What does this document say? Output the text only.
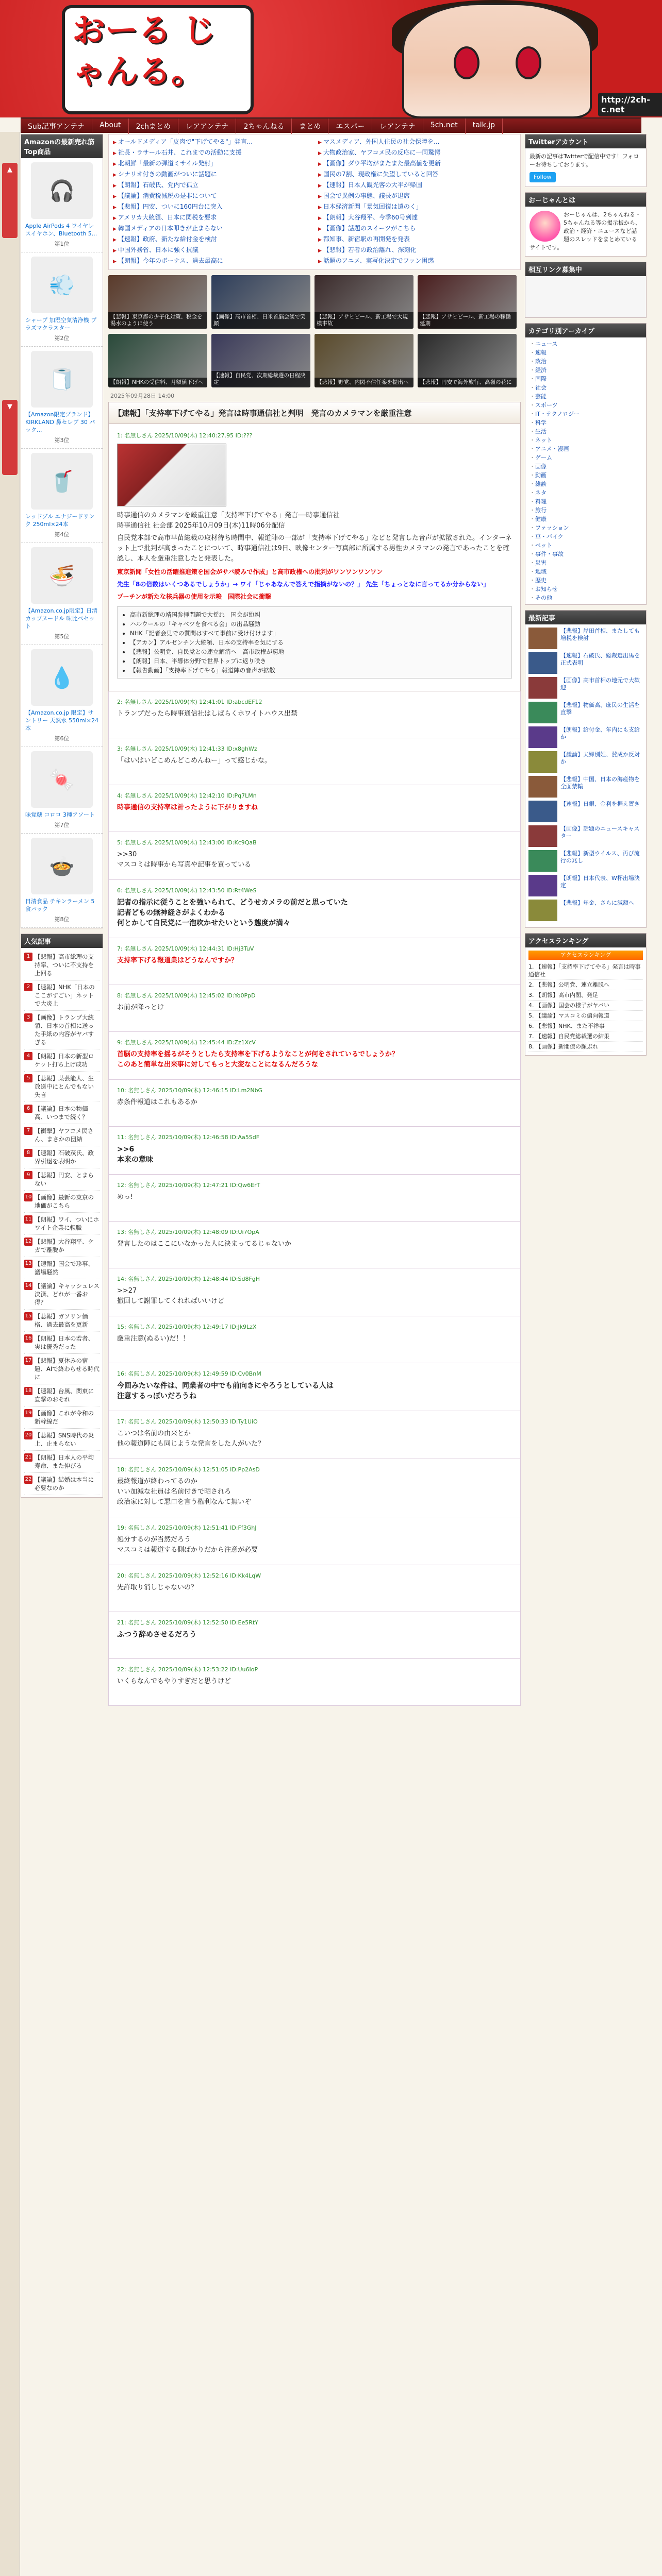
おーる じゃんる。
http://2ch-c.net
Sub記事アンテナ	About	2chまとめ	レアアンテナ	2ちゃんねる	まとめ	エスパー	レアンテナ	5ch.net	talk.jp
▲
▼
Amazonの最新売れ筋Top商品
🎧
Apple AirPods 4 ワイヤレスイヤホン、Bluetooth 5...
第1位
💨
シャープ 加湿空気清浄機 プラズマクラスター
第2位
🧻
【Amazon限定ブランド】KIRKLAND 鼻セレブ 30 パック...
第3位
🥤
レッドブル エナジードリンク 250ml×24本
第4位
🍜
【Amazon.co.jp限定】日清 カップヌードル 味比べセット
第5位
💧
【Amazon.co.jp 限定】サントリー 天然水 550ml×24本
第6位
🍬
味覚糖 コロロ 3種アソート
第7位
🍲
日清食品 チキンラーメン 5食パック
第8位
人気記事
1 【悲報】高市総理の支持率、ついに不支持を上回る
2 【速報】NHK「日本のここがすごい」ネットで大炎上
3 【画像】トランプ大統領、日本の首相に送った手紙の内容がヤバすぎる
4 【朗報】日本の新型ロケット打ち上げ成功
5 【悲報】某芸能人、生放送中にとんでもない失言
6 【議論】日本の物価高、いつまで続く？
7 【衝撃】ヤフコメ民さん、まさかの団結
8 【速報】石破茂氏、政界引退を表明か
9 【悲報】円安、とまらない
10 【画像】最新の東京の地価がこちら
11 【朗報】ワイ、ついにホワイト企業に転職
12 【悲報】大谷翔平、ケガで離脱か
13 【速報】国会で珍事、議場騒然
14 【議論】キャッシュレス決済、どれが一番お得？
15 【悲報】ガソリン価格、過去最高を更新
16 【朗報】日本の若者、実は優秀だった
17 【悲報】夏休みの宿題、AIで終わらせる時代に
18 【速報】台風、関東に直撃のおそれ
19 【画像】これが令和の新幹線だ
20 【悲報】SNS時代の炎上、止まらない
21 【朗報】日本人の平均寿命、また伸びる
22 【議論】結婚は本当に必要なのか
▶ オールドメディア「皮肉で"下げてやる"」発言...	▶ マスメディア、外国人住民の社会保障を...
▶ 社長・ラサール石井、これまでの活動に支援	▶ 大物政治家、ヤフコメ民の反応に一同驚愕
▶ 北朝鮮「最新の弾道ミサイル発射」	▶ 【画像】ダウ平均がまたまた最高値を更新
▶ シナリオ付きの動画がついに話題に	▶ 国民の7割、現政権に失望していると回答
▶ 【朗報】石破氏、党内で孤立	▶ 【速報】日本人観光客の大半が帰国
▶ 【議論】消費税減税の是非について	▶ 国会で異例の事態、議長が退席
▶ 【悲報】円安、ついに160円台に突入	▶ 日本経済新聞「景気回復は遠のく」
▶ アメリカ大統領、日本に関税を要求	▶ 【朗報】大谷翔平、今季60号到達
▶ 韓国メディアの日本叩きが止まらない	▶ 【画像】話題のスイーツがこちら
▶ 【速報】政府、新たな給付金を検討	▶ 都知事、新宿駅の再開発を発表
▶ 中国外務省、日本に強く抗議	▶ 【悲報】若者の政治離れ、深刻化
▶ 【朗報】今年のボーナス、過去最高に	▶ 話題のアニメ、実写化決定でファン困惑
【悲報】東京都の少子化対策、税金を湯水のように使う
【画像】高市首相、日米首脳会談で笑顔
【悲報】アサヒビール、新工場で大規模事故
【悲報】アサヒビール、新工場の稼働延期
【朗報】NHKの受信料、月額値下げへ
【速報】自民党、次期総裁選の日程決定	【悲報】野党、内閣不信任案を提出へ	【悲報】円安で海外旅行、高嶺の花に
2025年09月28日 14:00
【速報】「支持率下げてやる」発言は時事通信社と判明　発言のカメラマンを厳重注意
1: 名無しさん 2025/10/09(木) 12:40:27.95 ID:???
時事通信のカメラマンを厳重注意「支持率下げてやる」発言──時事通信社
時事通信社 社会部 2025年10月09日(木)11時06分配信
自民党本部で高市早苗総裁の取材待ち時間中、報道陣の一部が「支持率下げてやる」などと発言した音声が拡散された。インターネット上で批判が高まったことについて、時事通信社は9日、映像センター写真部に所属する男性カメラマンの発言であったことを確認し、本人を厳重注意したと発表した。
東京新聞「女性の活躍推進策を国会がサバ読みで作成」と高市政権への批判がワンワンワンワン
先生「8の倍数はいくつあるでしょうか」→ ワイ「じゃあなんで答えで指摘がないの？」 先生「ちょっとなに言ってるか分からない」
プーチンが新たな核兵器の使用を示唆　国際社会に衝撃
• 高市新総理の靖国参拝問題で大揺れ　国会が紛糾
• ハルウールの「キャベツを食べる会」の出品騒動
• NHK「記者会見での質問はすべて事前に受け付けます」
• 【アカン】アルゼンチン大統領、日本の支持率を気にする
• 【悲報】公明党、自民党との連立解消へ　高市政権が窮地
• 【朗報】日本、半導体分野で世界トップに返り咲き
• 【報告動画】「支持率下げてやる」報道陣の音声が拡散
2: 名無しさん 2025/10/09(木) 12:41:01 ID:abcdEF12
トランプだったら時事通信社はしばらくホワイトハウス出禁
3: 名無しさん 2025/10/09(木) 12:41:33 ID:x8ghWz
「はいはいどこめんどこめんねー」って感じかな。
4: 名無しさん 2025/10/09(木) 12:42:10 ID:Pq7LMn
時事通信の支持率は計ったように下がりますね
5: 名無しさん 2025/10/09(木) 12:43:00 ID:Kc9QaB
>>30
マスコミは時事から写真や記事を買っている
6: 名無しさん 2025/10/09(木) 12:43:50 ID:Rt4WeS
記者の指示に従うことを強いられて、どうせカメラの前だと思っていた
記者どもの無神経さがよくわかる
何とかして自民党に一泡吹かせたいという態度が満々
7: 名無しさん 2025/10/09(木) 12:44:31 ID:Hj3TuV
支持率下げる報道業はどうなんですか？
8: 名無しさん 2025/10/09(木) 12:45:02 ID:Yo0PpD
お前が降っとけ
9: 名無しさん 2025/10/09(木) 12:45:44 ID:Zz1XcV
首脳の支持率を揺るがそうとしたら支持率を下げるようなことが何をされているでしょうか？
このあと簡単な出来事に対してもっと大変なことになるんだろうな
10: 名無しさん 2025/10/09(木) 12:46:15 ID:Lm2NbG
赤条件報道はこれもあるか
11: 名無しさん 2025/10/09(木) 12:46:58 ID:Aa5SdF
>>6
本来の意味
12: 名無しさん 2025/10/09(木) 12:47:21 ID:Qw6ErT
めっ!
13: 名無しさん 2025/10/09(木) 12:48:09 ID:Ui7OpA
発言したのはここにいなかった人に決まってるじゃないか
14: 名無しさん 2025/10/09(木) 12:48:44 ID:Sd8FgH
>>27
撤回して謝罪してくれればいいけど
15: 名無しさん 2025/10/09(木) 12:49:17 ID:Jk9LzX
厳重注意(ぬるい)だ！！
16: 名無しさん 2025/10/09(木) 12:49:59 ID:Cv0BnM
今回みたいな件は、同業者の中でも前向きにやろうとしている人は
注意するっぽいだろうね
17: 名無しさん 2025/10/09(木) 12:50:33 ID:Ty1UiO
こいつは名前の由来とか
他の報道陣にも同じような発言をした人がいた？
18: 名無しさん 2025/10/09(木) 12:51:05 ID:Pp2AsD
最終報道が終わってるのか
いい加減な社員は名前付きで晒されろ
政治家に対して悪口を言う権利なんて無いぞ
19: 名無しさん 2025/10/09(木) 12:51:41 ID:Ff3GhJ
処分するのが当然だろう
マスコミは報道する側ばかりだから注意が必要
20: 名無しさん 2025/10/09(木) 12:52:16 ID:Kk4LqW
先許取り消しじゃないの？
21: 名無しさん 2025/10/09(木) 12:52:50 ID:Ee5RtY
ふつう辞めさせるだろう
22: 名無しさん 2025/10/09(木) 12:53:22 ID:Uu6IoP
いくらなんでもやりすぎだと思うけど
Twitterアカウント
最新の記事はTwitterで配信中です！フォローお待ちしております。
Follow
おーじゃんとは
おーじゃんは、2ちゃんねる・5ちゃんねる等の掲示板から、政治・経済・ニュースなど話題のスレッドをまとめているサイトです。
相互リンク募集中
カテゴリ別アーカイブ
・ ニュース
・ 速報
・ 政治
・ 経済
・ 国際
・ 社会
・ 芸能
・ スポーツ
・ IT・テクノロジー
・ 科学
・ 生活
・ ネット
・ アニメ・漫画
・ ゲーム
・ 画像
・ 動画
・ 雑談
・ ネタ
・ 料理
・ 旅行
・ 健康
・ ファッション
・ 車・バイク
・ ペット
・ 事件・事故
・ 災害
・ 地域
・ 歴史
・ お知らせ
・ その他
最新記事
【悲報】岸田首相、またしても増税を検討
【速報】石破氏、総裁選出馬を正式表明
【画像】高市首相の地元で大歓迎
【悲報】物価高、庶民の生活を直撃
【朗報】給付金、年内にも支給か
【議論】夫婦別姓、賛成か反対か
【悲報】中国、日本の海産物を全面禁輸
【速報】日銀、金利を据え置き
【画像】話題のニュースキャスター
【悲報】新型ウイルス、再び流行の兆し
【朗報】日本代表、W杯出場決定
【悲報】年金、さらに減額へ
アクセスランキング
アクセスランキング
1. 【速報】「支持率下げてやる」発言は時事通信社
2. 【悲報】公明党、連立離脱へ
3. 【朗報】高市内閣、発足
4. 【画像】国会の様子がヤバい
5. 【議論】マスコミの偏向報道
6. 【悲報】NHK、また不祥事
7. 【速報】自民党総裁選の結果
8. 【画像】新閣僚の顔ぶれ
